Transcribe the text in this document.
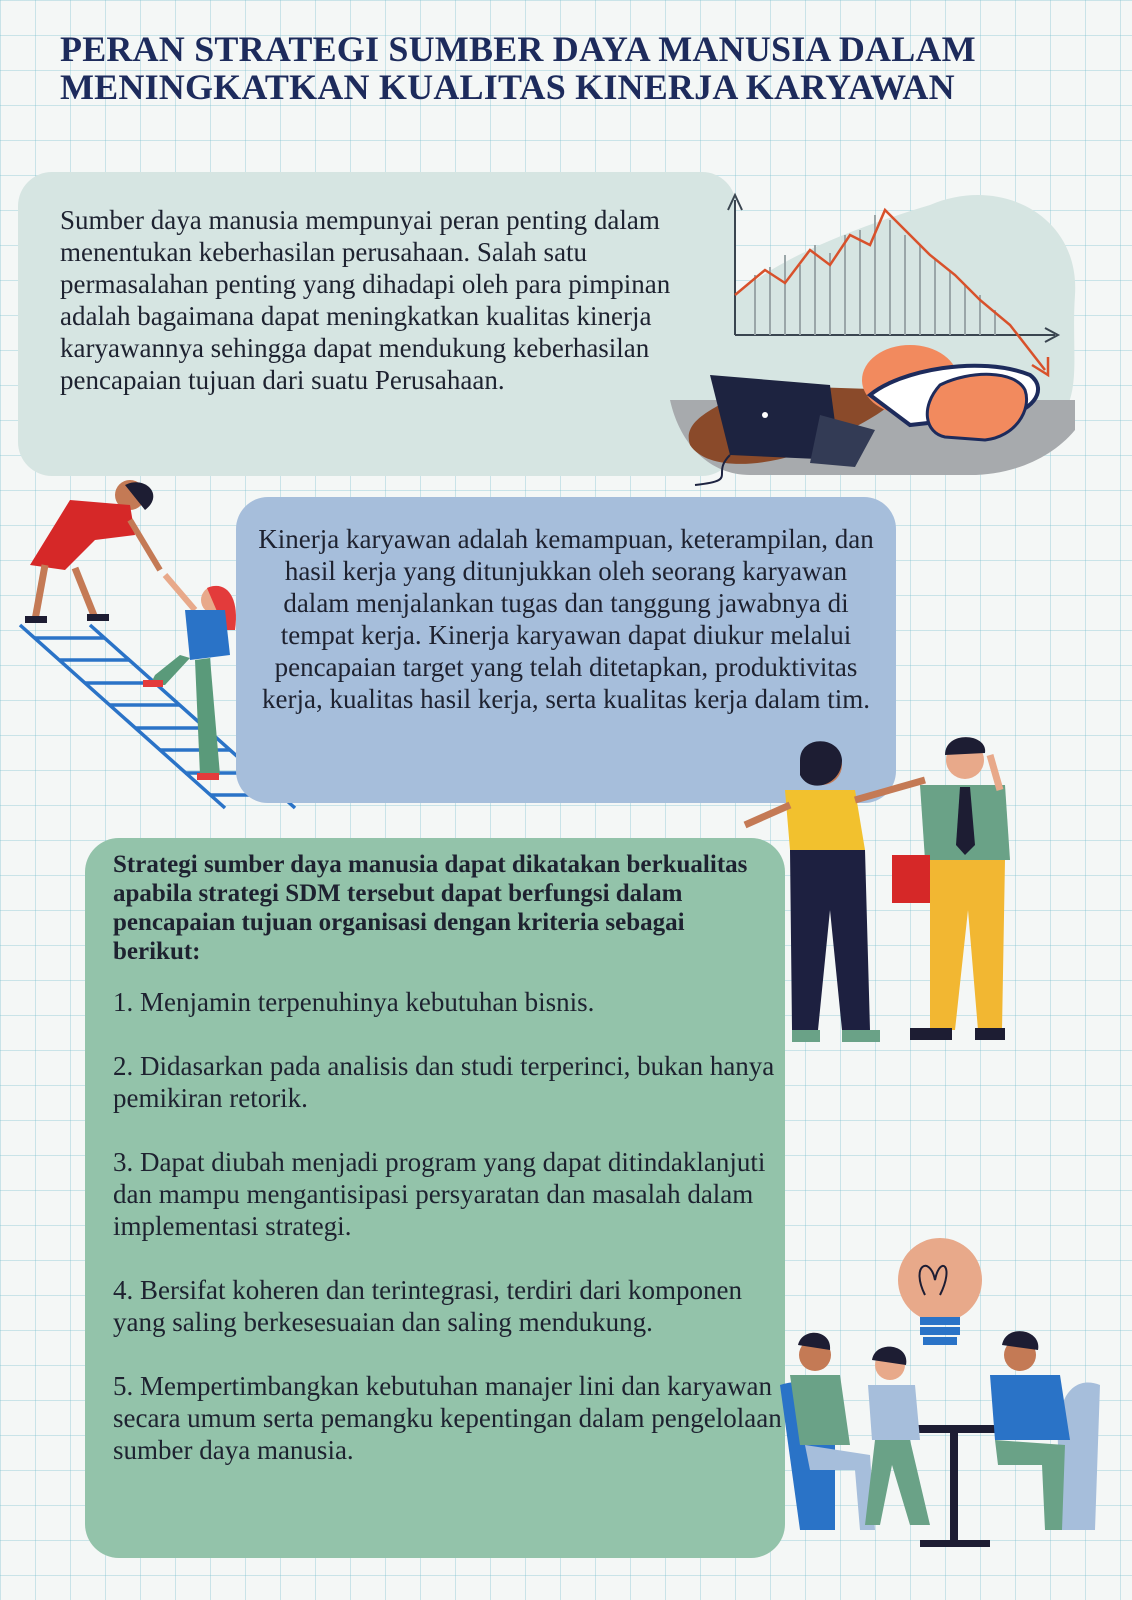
PERAN STRATEGI SUMBER DAYA MANUSIA DALAM MENINGKATKAN KUALITAS KINERJA KARYAWAN

Sumber daya manusia mempunyai peran penting dalam menentukan keberhasilan perusahaan. Salah satu permasalahan penting yang dihadapi oleh para pimpinan adalah bagaimana dapat meningkatkan kualitas kinerja karyawannya sehingga dapat mendukung keberhasilan pencapaian tujuan dari suatu Perusahaan.

Kinerja karyawan adalah kemampuan, keterampilan, dan hasil kerja yang ditunjukkan oleh seorang karyawan dalam menjalankan tugas dan tanggung jawabnya di tempat kerja. Kinerja karyawan dapat diukur melalui pencapaian target yang telah ditetapkan, produktivitas kerja, kualitas hasil kerja, serta kualitas kerja dalam tim.

Strategi sumber daya manusia dapat dikatakan berkualitas apabila strategi SDM tersebut dapat berfungsi dalam pencapaian tujuan organisasi dengan kriteria sebagai berikut:

1. Menjamin terpenuhinya kebutuhan bisnis.
2. Didasarkan pada analisis dan studi terperinci, bukan hanya pemikiran retorik.
3. Dapat diubah menjadi program yang dapat ditindaklanjuti dan mampu mengantisipasi persyaratan dan masalah dalam implementasi strategi.
4. Bersifat koheren dan terintegrasi, terdiri dari komponen yang saling berkesesuaian dan saling mendukung.
5. Mempertimbangkan kebutuhan manajer lini dan karyawan secara umum serta pemangku kepentingan dalam pengelolaan sumber daya manusia.
